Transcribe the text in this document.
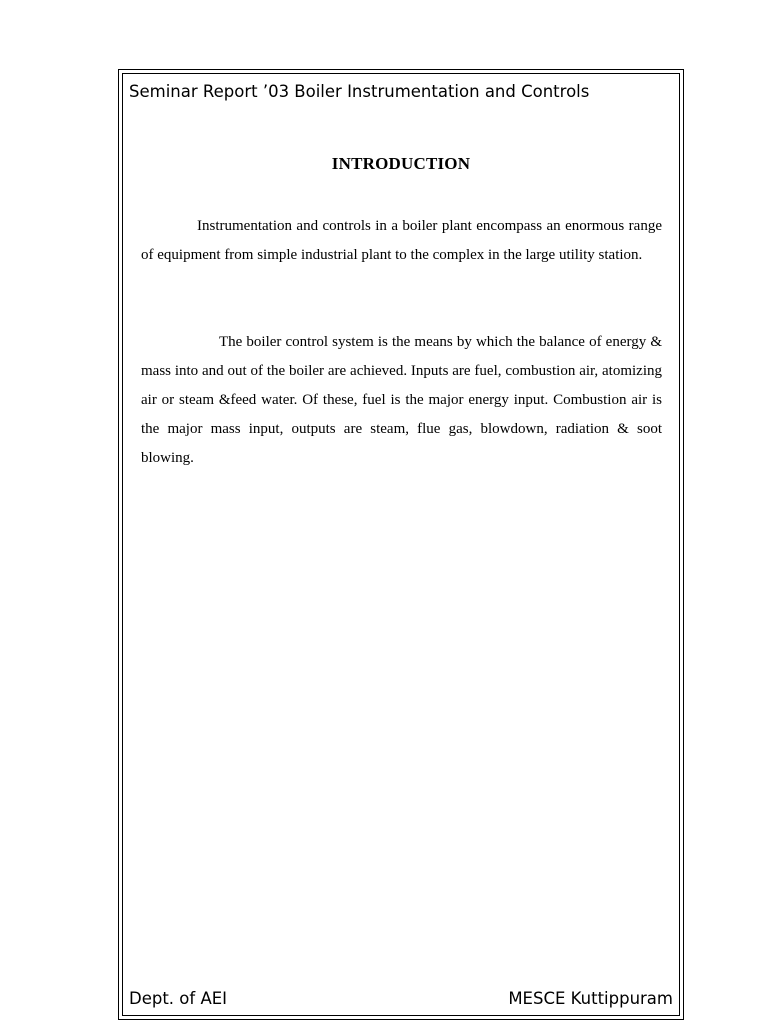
Seminar Report ’03 Boiler Instrumentation and Controls
INTRODUCTION

Instrumentation and controls in a boiler plant encompass an enormous range of equipment from simple industrial plant to the complex in the large utility station.

The boiler control system is the means by which the balance of energy & mass into and out of the boiler are achieved. Inputs are fuel, combustion air, atomizing air or steam &feed water. Of these, fuel is the major energy input. Combustion air is the major mass input, outputs are steam, flue gas, blowdown, radiation & soot blowing.

Dept. of AEI	MESCE Kuttippuram
